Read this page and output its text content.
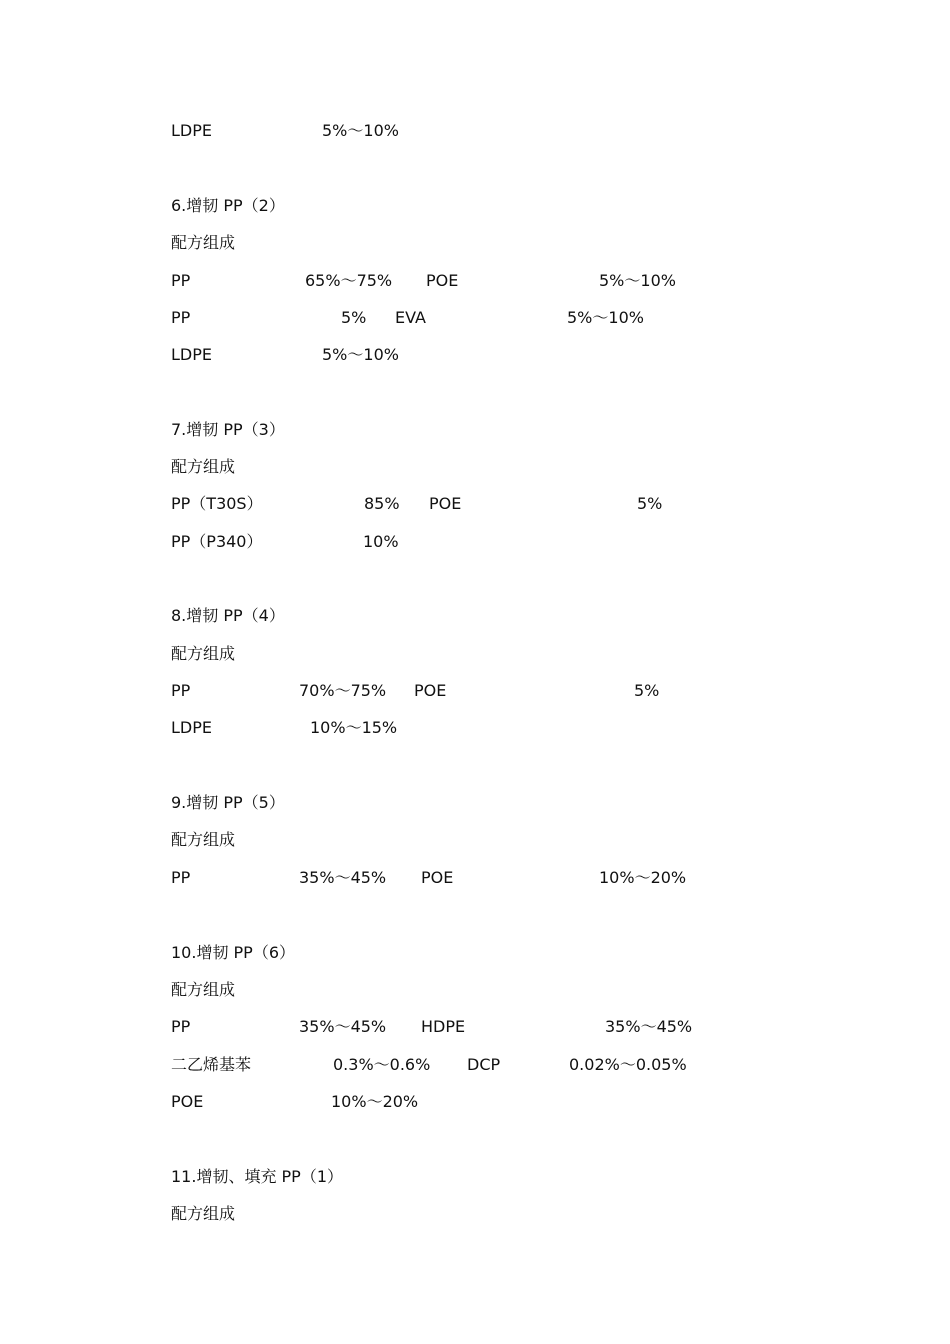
LDPE	5%～10%
6.增韧 PP（2）
配方组成
PP	65%～75% POE	5%～10%
PP	5% EVA	5%～10%
LDPE	5%～10%
7.增韧 PP（3）
配方组成
PP（T30S）	85% POE	5%
PP（P340）	10%
8.增韧 PP（4）
配方组成
PP	70%～75% POE	5%
LDPE	10%～15%
9.增韧 PP（5）
配方组成
PP	35%～45% POE	10%～20%
10.增韧 PP（6）
配方组成
PP	35%～45% HDPE	35%～45%
二乙烯基苯	0.3%～0.6% DCP	0.02%～0.05%
POE	10%～20%
11.增韧、填充 PP（1）
配方组成
